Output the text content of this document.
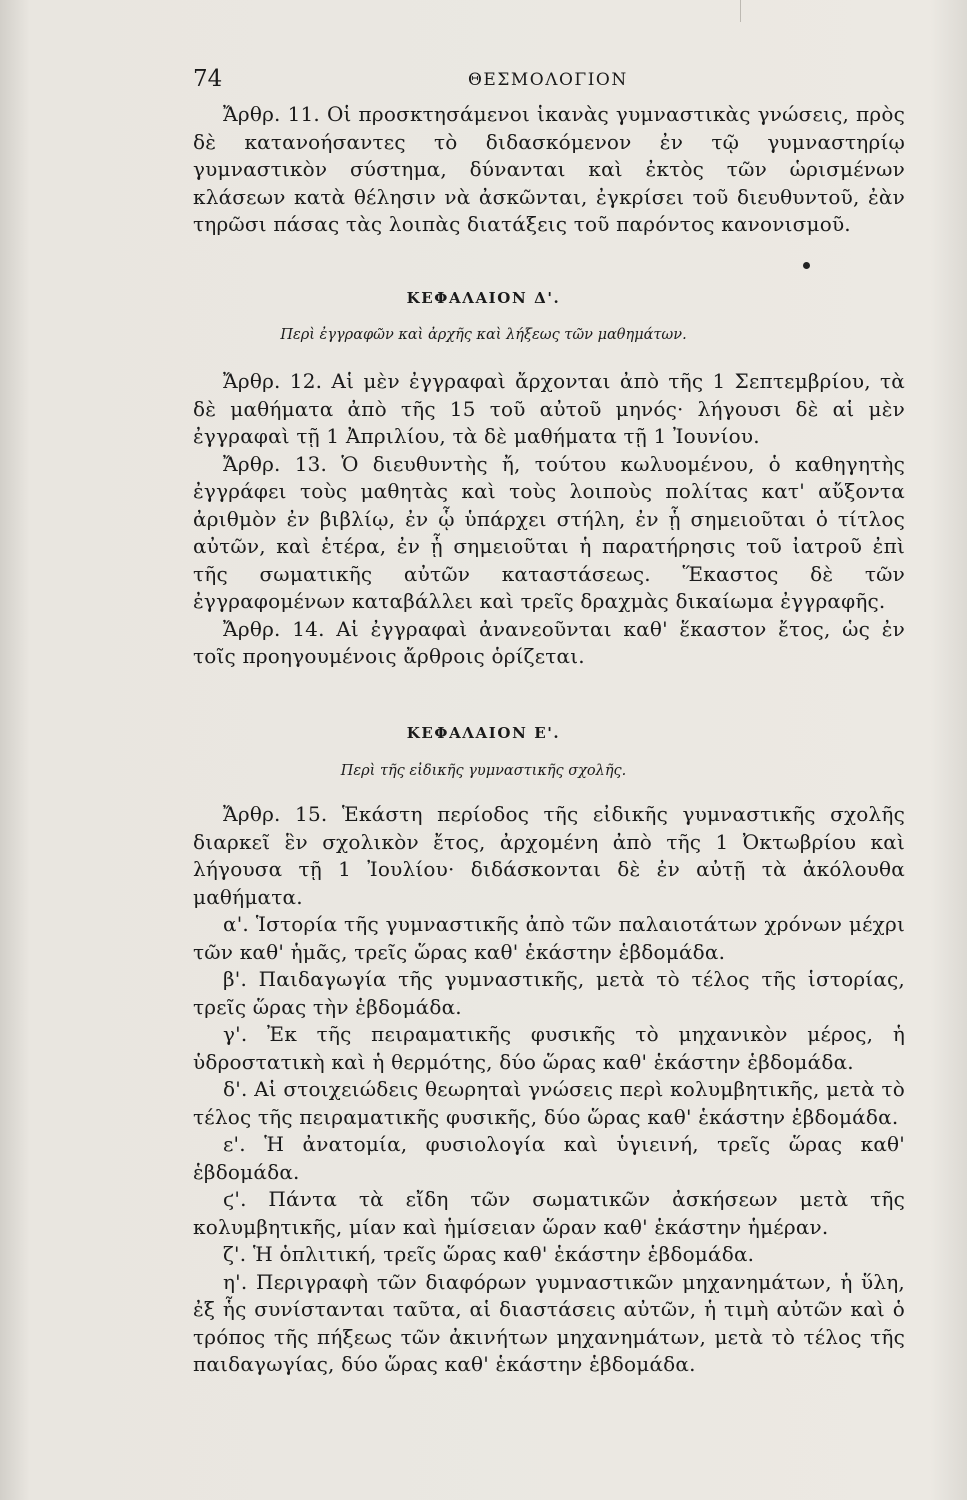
74	ΘΕΣΜΟΛΟΓΙΟΝ

Ἄρθρ. 11. Οἱ προσκτησάμενοι ἱκανὰς γυμναστικὰς γνώσεις, πρὸς δὲ κατανοήσαντες τὸ διδασκόμενον ἐν τῷ γυμναστηρίῳ γυμναστικὸν σύστημα, δύνανται καὶ ἐκτὸς τῶν ὡρισμένων κλάσεων κατὰ θέλησιν νὰ ἀσκῶνται, ἐγκρίσει τοῦ διευθυντοῦ, ἐὰν τηρῶσι πάσας τὰς λοιπὰς διατάξεις τοῦ παρόντος κανονισμοῦ.

ΚΕΦΑΛΑΙΟΝ Δ'.
Περὶ ἐγγραφῶν καὶ ἀρχῆς καὶ λήξεως τῶν μαθημάτων.

Ἄρθρ. 12. Αἱ μὲν ἐγγραφαὶ ἄρχονται ἀπὸ τῆς 1 Σεπτεμβρίου, τὰ δὲ μαθήματα ἀπὸ τῆς 15 τοῦ αὐτοῦ μηνός· λήγουσι δὲ αἱ μὲν ἐγγραφαὶ τῇ 1 Ἀπριλίου, τὰ δὲ μαθήματα τῇ 1 Ἰουνίου.

Ἄρθρ. 13. Ὁ διευθυντὴς ἤ, τούτου κωλυομένου, ὁ καθηγητὴς ἐγγράφει τοὺς μαθητὰς καὶ τοὺς λοιποὺς πολίτας κατ' αὔξοντα ἀριθμὸν ἐν βιβλίῳ, ἐν ᾧ ὑπάρχει στήλη, ἐν ᾗ σημειοῦται ὁ τίτλος αὐτῶν, καὶ ἑτέρα, ἐν ᾗ σημειοῦται ἡ παρατήρησις τοῦ ἰατροῦ ἐπὶ τῆς σωματικῆς αὐτῶν καταστάσεως. Ἕκαστος δὲ τῶν ἐγγραφομένων καταβάλλει καὶ τρεῖς δραχμὰς δικαίωμα ἐγγραφῆς.

Ἄρθρ. 14. Αἱ ἐγγραφαὶ ἀνανεοῦνται καθ' ἕκαστον ἔτος, ὡς ἐν τοῖς προηγουμένοις ἄρθροις ὁρίζεται.

ΚΕΦΑΛΑΙΟΝ Ε'.
Περὶ τῆς εἰδικῆς γυμναστικῆς σχολῆς.

Ἄρθρ. 15. Ἑκάστη περίοδος τῆς εἰδικῆς γυμναστικῆς σχολῆς διαρκεῖ ἓν σχολικὸν ἔτος, ἀρχομένη ἀπὸ τῆς 1 Ὀκτωβρίου καὶ λήγουσα τῇ 1 Ἰουλίου· διδάσκονται δὲ ἐν αὐτῇ τὰ ἀκόλουθα μαθήματα.

α'. Ἱστορία τῆς γυμναστικῆς ἀπὸ τῶν παλαιοτάτων χρόνων μέχρι τῶν καθ' ἡμᾶς, τρεῖς ὥρας καθ' ἑκάστην ἑβδομάδα.

β'. Παιδαγωγία τῆς γυμναστικῆς, μετὰ τὸ τέλος τῆς ἱστορίας, τρεῖς ὥρας τὴν ἑβδομάδα.

γ'. Ἐκ τῆς πειραματικῆς φυσικῆς τὸ μηχανικὸν μέρος, ἡ ὑδροστατικὴ καὶ ἡ θερμότης, δύο ὥρας καθ' ἑκάστην ἑβδομάδα.

δ'. Αἱ στοιχειώδεις θεωρηταὶ γνώσεις περὶ κολυμβητικῆς, μετὰ τὸ τέλος τῆς πειραματικῆς φυσικῆς, δύο ὥρας καθ' ἑκάστην ἑβδομάδα.

ε'. Ἡ ἀνατομία, φυσιολογία καὶ ὑγιεινή, τρεῖς ὥρας καθ' ἑβδομάδα.

ϛ'. Πάντα τὰ εἴδη τῶν σωματικῶν ἀσκήσεων μετὰ τῆς κολυμβητικῆς, μίαν καὶ ἡμίσειαν ὥραν καθ' ἑκάστην ἡμέραν.

ζ'. Ἡ ὁπλιτική, τρεῖς ὥρας καθ' ἑκάστην ἑβδομάδα.

η'. Περιγραφὴ τῶν διαφόρων γυμναστικῶν μηχανημάτων, ἡ ὕλη, ἐξ ἧς συνίστανται ταῦτα, αἱ διαστάσεις αὐτῶν, ἡ τιμὴ αὐτῶν καὶ ὁ τρόπος τῆς πήξεως τῶν ἀκινήτων μηχανημάτων, μετὰ τὸ τέλος τῆς παιδαγωγίας, δύο ὥρας καθ' ἑκάστην ἑβδομάδα.
